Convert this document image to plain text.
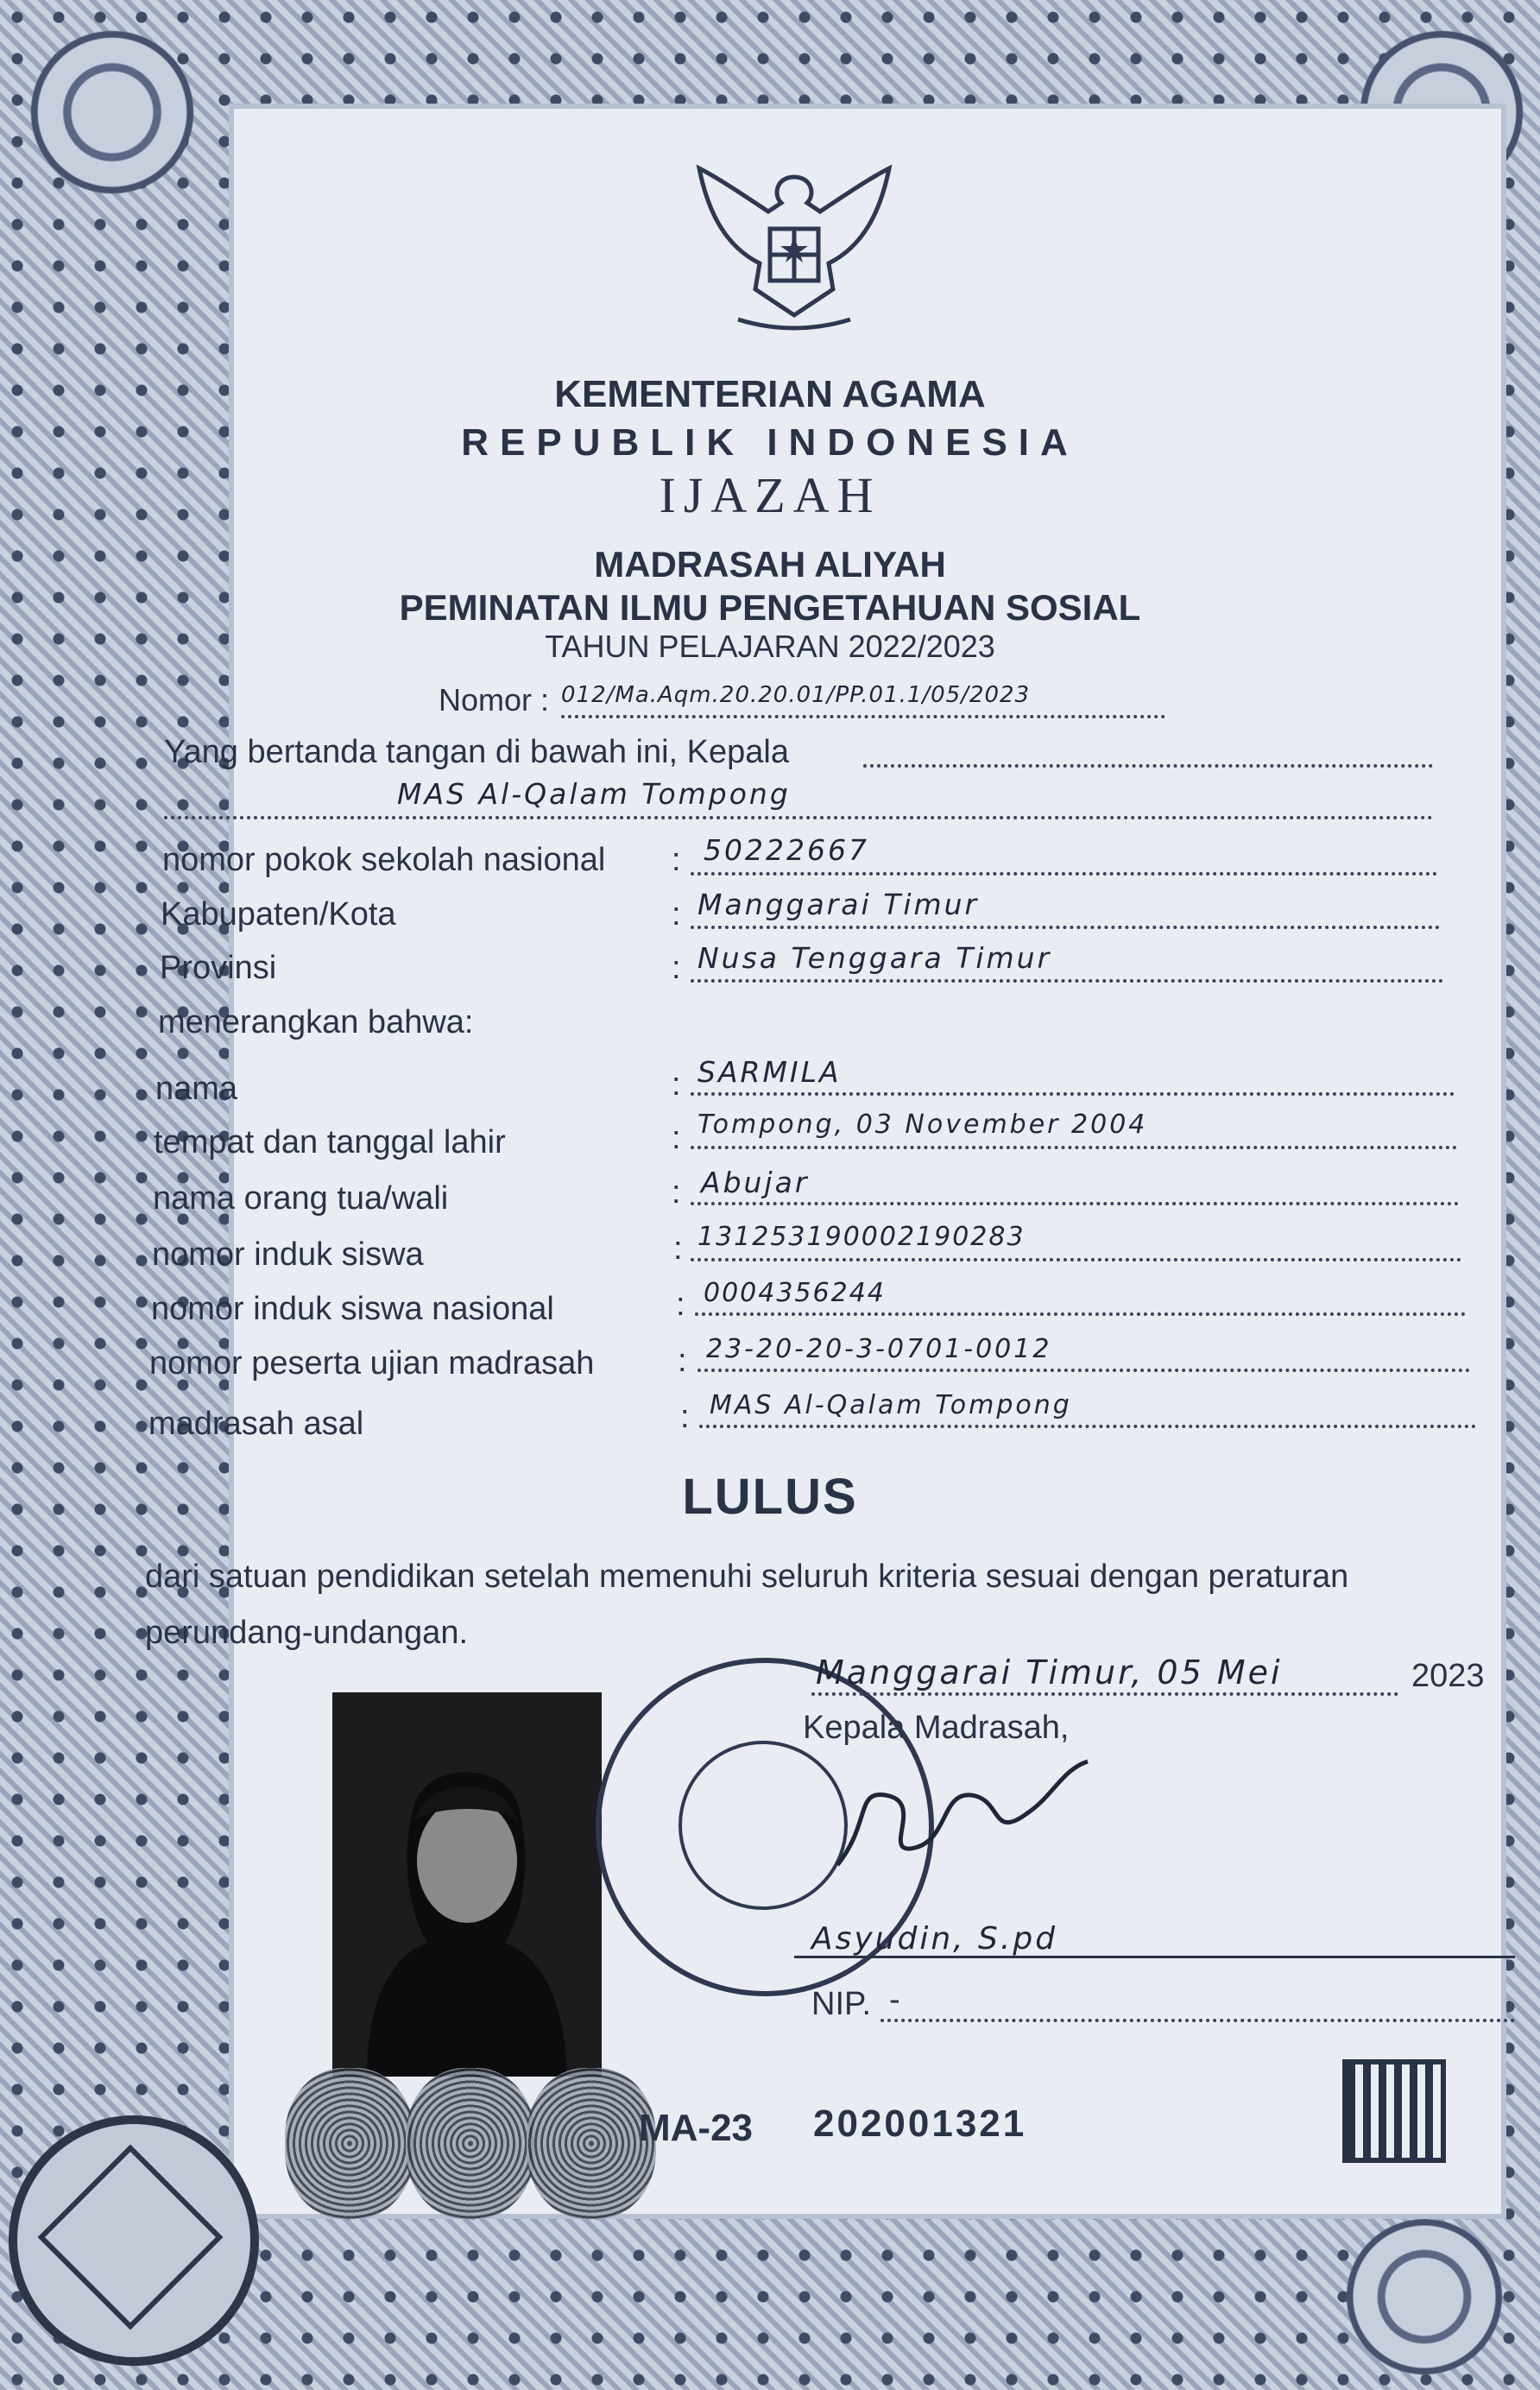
KEMENTERIAN AGAMA
REPUBLIK INDONESIA
IJAZAH
MADRASAH ALIYAH
PEMINATAN ILMU PENGETAHUAN SOSIAL
TAHUN PELAJARAN 2022/2023
Nomor : 012/Ma.Aqm.20.20.01/PP.01.1/05/2023
Yang bertanda tangan di bawah ini, Kepala
MAS Al-Qalam Tompong
nomor pokok sekolah nasional : 50222667
Kabupaten/Kota	: Manggarai Timur
Provinsi	: Nusa Tenggara Timur
menerangkan bahwa:
nama	: SARMILA
tempat dan tanggal lahir	: Tompong, 03 November 2004
nama orang tua/wali	: Abujar
nomor induk siswa	: 131253190002190283
nomor induk siswa nasional	: 0004356244
nomor peserta ujian madrasah	: 23-20-20-3-0701-0012
madrasah asal	: MAS Al-Qalam Tompong
LULUS
dari satuan pendidikan setelah memenuhi seluruh kriteria sesuai dengan peraturan
perundang-undangan.
Manggarai Timur, 05 Mei	2023
Kepala Madrasah,
Asyudin, S.pd
NIP. -
MA-23 202001321
